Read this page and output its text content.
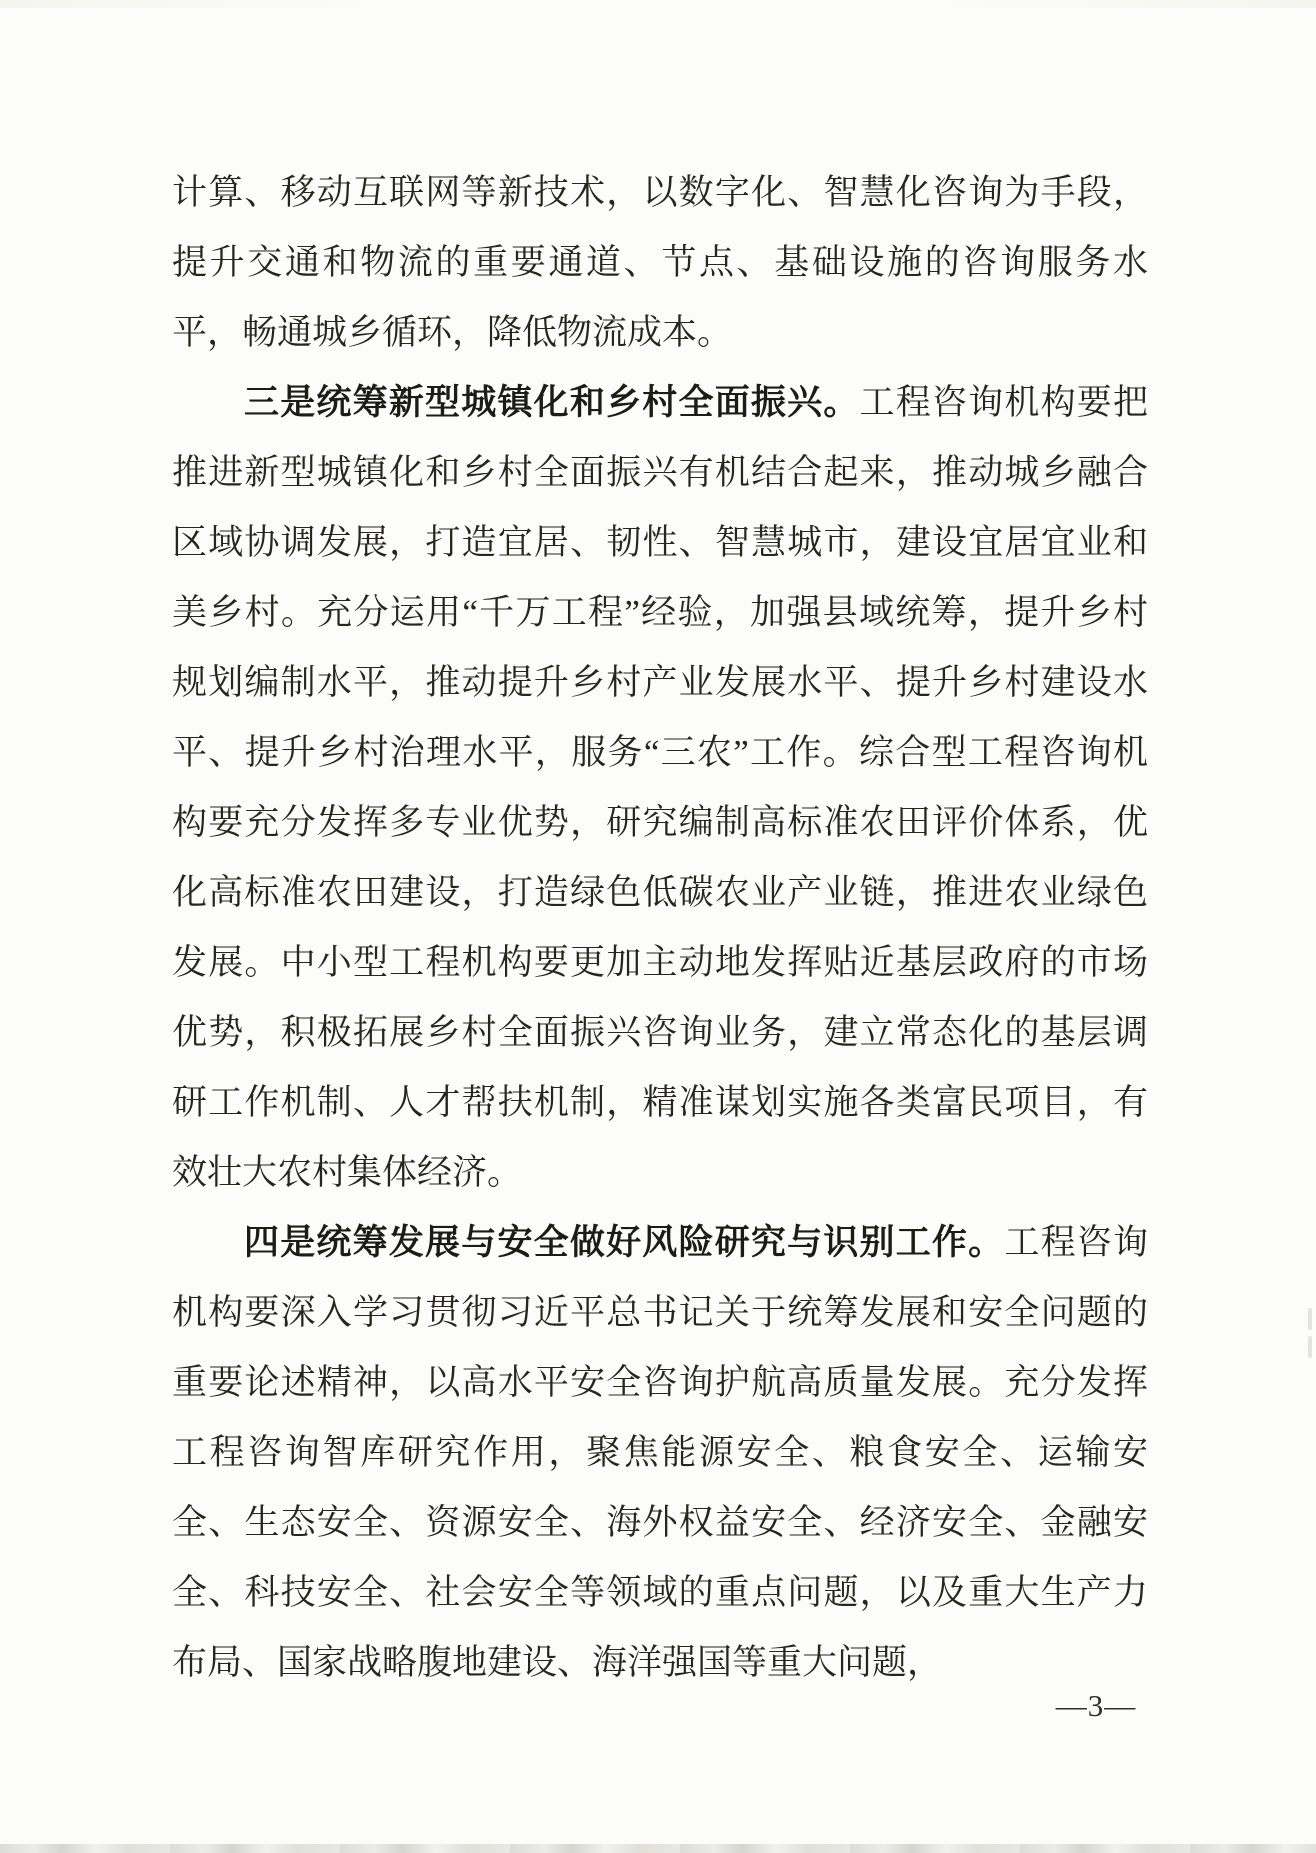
计算、移动互联网等新技术，以数字化、智慧化咨询为手段，提升交通和物流的重要通道、节点、基础设施的咨询服务水平，畅通城乡循环，降低物流成本。

三是统筹新型城镇化和乡村全面振兴。工程咨询机构要把推进新型城镇化和乡村全面振兴有机结合起来，推动城乡融合区域协调发展，打造宜居、韧性、智慧城市，建设宜居宜业和美乡村。充分运用“千万工程”经验，加强县域统筹，提升乡村规划编制水平，推动提升乡村产业发展水平、提升乡村建设水平、提升乡村治理水平，服务“三农”工作。综合型工程咨询机构要充分发挥多专业优势，研究编制高标准农田评价体系，优化高标准农田建设，打造绿色低碳农业产业链，推进农业绿色发展。中小型工程机构要更加主动地发挥贴近基层政府的市场优势，积极拓展乡村全面振兴咨询业务，建立常态化的基层调研工作机制、人才帮扶机制，精准谋划实施各类富民项目，有效壮大农村集体经济。

四是统筹发展与安全做好风险研究与识别工作。工程咨询机构要深入学习贯彻习近平总书记关于统筹发展和安全问题的重要论述精神，以高水平安全咨询护航高质量发展。充分发挥工程咨询智库研究作用，聚焦能源安全、粮食安全、运输安全、生态安全、资源安全、海外权益安全、经济安全、金融安全、科技安全、社会安全等领域的重点问题，以及重大生产力布局、国家战略腹地建设、海洋强国等重大问题，

—3—
